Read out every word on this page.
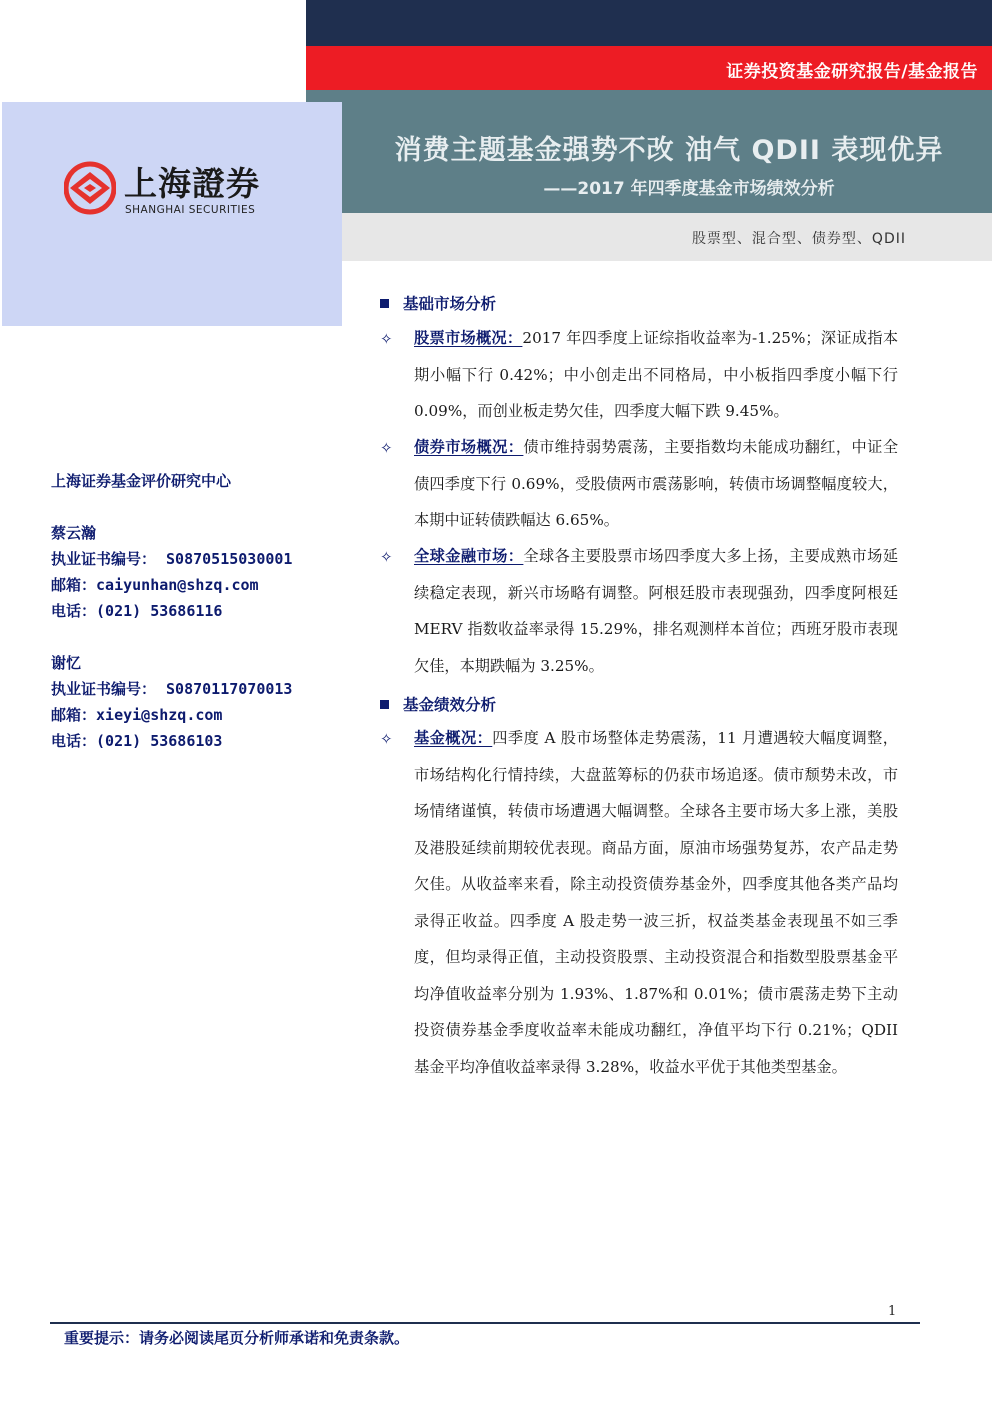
证券投资基金研究报告/基金报告
消费主题基金强势不改 油气 QDII 表现优异
——2017 年四季度基金市场绩效分析
股票型、混合型、债券型、QDII
上海證券
SHANGHAI SECURITIES
上海证券基金评价研究中心
蔡云瀚
执业证书编号： S0870515030001
邮箱：caiyunhan@shzq.com
电话：(021) 53686116
谢忆
执业证书编号： S0870117070013
邮箱：xieyi@shzq.com
电话：(021) 53686103
基础市场分析
✧ 股票市场概况：2017 年四季度上证综指收益率为-1.25%；深证成指本期小幅下行 0.42%；中小创走出不同格局，中小板指四季度小幅下行 0.09%，而创业板走势欠佳，四季度大幅下跌 9.45%。
✧ 债券市场概况：债市维持弱势震荡，主要指数均未能成功翻红，中证全债四季度下行 0.69%，受股债两市震荡影响，转债市场调整幅度较大，本期中证转债跌幅达 6.65%。
✧ 全球金融市场：全球各主要股票市场四季度大多上扬，主要成熟市场延续稳定表现，新兴市场略有调整。阿根廷股市表现强劲，四季度阿根廷 MERV 指数收益率录得 15.29%，排名观测样本首位；西班牙股市表现欠佳，本期跌幅为 3.25%。
基金绩效分析
✧ 基金概况：四季度 A 股市场整体走势震荡，11 月遭遇较大幅度调整，市场结构化行情持续，大盘蓝筹标的仍获市场追逐。债市颓势未改，市场情绪谨慎，转债市场遭遇大幅调整。全球各主要市场大多上涨，美股及港股延续前期较优表现。商品方面，原油市场强势复苏，农产品走势欠佳。从收益率来看，除主动投资债券基金外，四季度其他各类产品均录得正收益。四季度 A 股走势一波三折，权益类基金表现虽不如三季度，但均录得正值，主动投资股票、主动投资混合和指数型股票基金平均净值收益率分别为 1.93%、1.87%和 0.01%；债市震荡走势下主动投资债券基金季度收益率未能成功翻红，净值平均下行 0.21%；QDII 基金平均净值收益率录得 3.28%，收益水平优于其他类型基金。
1
重要提示：请务必阅读尾页分析师承诺和免责条款。
